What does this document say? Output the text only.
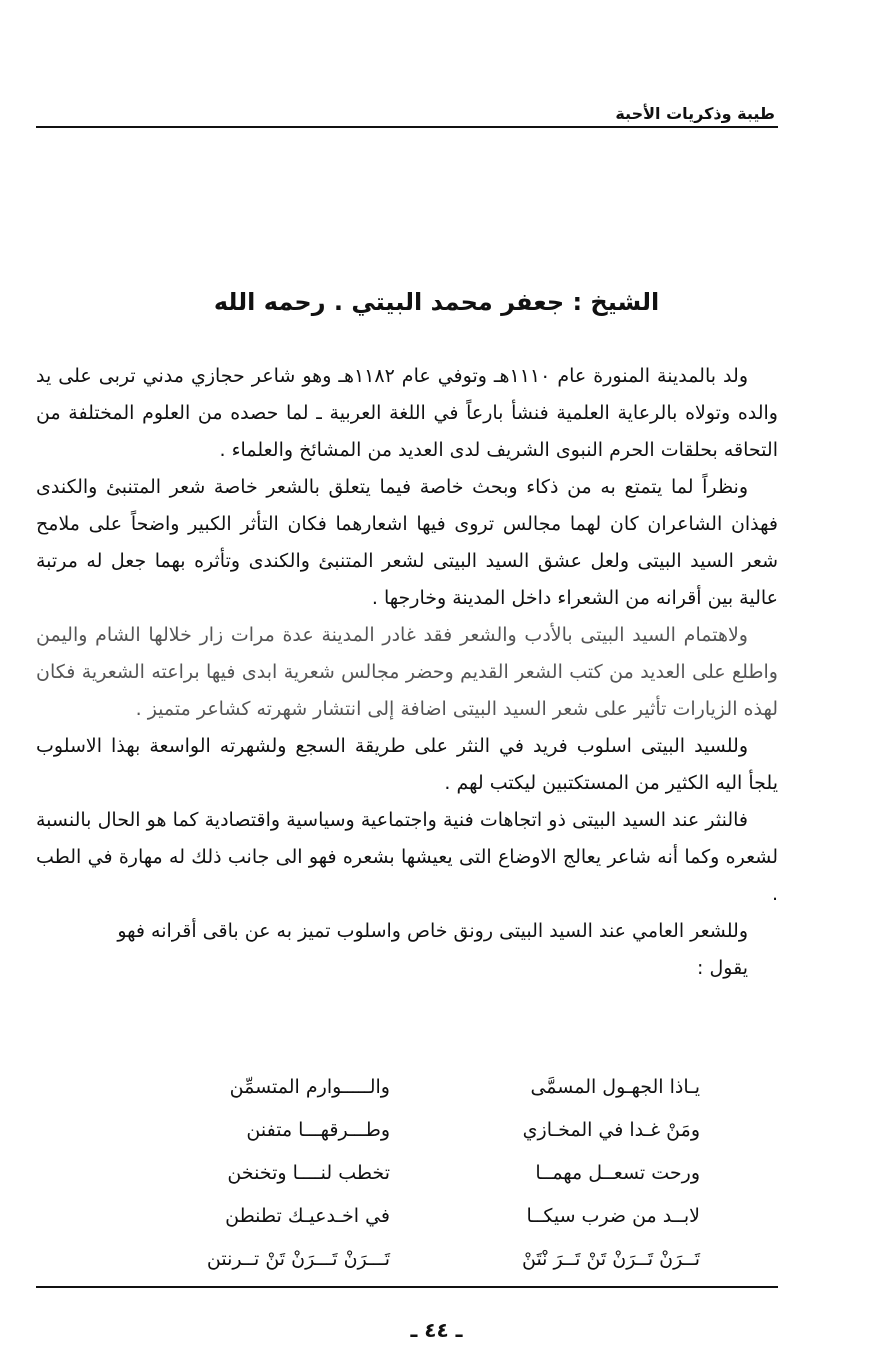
طيبة وذكريات الأحبة
الشيخ : جعفر محمد البيتي . رحمه الله

ولد بالمدينة المنورة عام ١١١٠هـ وتوفي عام ١١٨٢هـ وهو شاعر حجازي مدني تربى على يد والده وتولاه بالرعاية العلمية فنشأ بارعاً في اللغة العربية ـ لما حصده من العلوم المختلفة من التحاقه بحلقات الحرم النبوى الشريف لدى العديد من المشائخ والعلماء .

ونظراً لما يتمتع به من ذكاء وبحث خاصة فيما يتعلق بالشعر خاصة شعر المتنبئ والكندى فهذان الشاعران كان لهما مجالس تروى فيها اشعارهما فكان التأثر الكبير واضحاً على ملامح شعر السيد البيتى ولعل عشق السيد البيتى لشعر المتنبئ والكندى وتأثره بهما جعل له مرتبة عالية بين أقرانه من الشعراء داخل المدينة وخارجها .

ولاهتمام السيد البيتى بالأدب والشعر فقد غادر المدينة عدة مرات زار خلالها الشام واليمن واطلع على العديد من كتب الشعر القديم وحضر مجالس شعرية ابدى فيها براعته الشعرية فكان لهذه الزيارات تأثير على شعر السيد البيتى اضافة إلى انتشار شهرته كشاعر متميز .

وللسيد البيتى اسلوب فريد في النثر على طريقة السجع ولشهرته الواسعة بهذا الاسلوب يلجأ اليه الكثير من المستكتبين ليكتب لهم .

فالنثر عند السيد البيتى ذو اتجاهات فنية واجتماعية وسياسية واقتصادية كما هو الحال بالنسبة لشعره وكما أنه شاعر يعالج الاوضاع التى يعيشها بشعره فهو الى جانب ذلك له مهارة في الطب .

وللشعر العامي عند السيد البيتى رونق خاص واسلوب تميز به عن باقى أقرانه فهو

يقول :

يـاذا الجهـول المسمَّى
والـــــوارم المتسمِّن
ومَنْ غـدا في المخـازي
وطـــرقهـــا متفنن
ورحت تسعــل مهمــا
تخطب لنــــا وتخنخن
لابــد من ضرب سيكــا
في اخـدعيـك تطنطن
تَــرَنْ تَــرَنْ تَنْ تَــرَ نْتَنْ
تَـــرَنْ تَـــرَنْ تَنْ تــرنتن
ـ ٤٤ ـ
